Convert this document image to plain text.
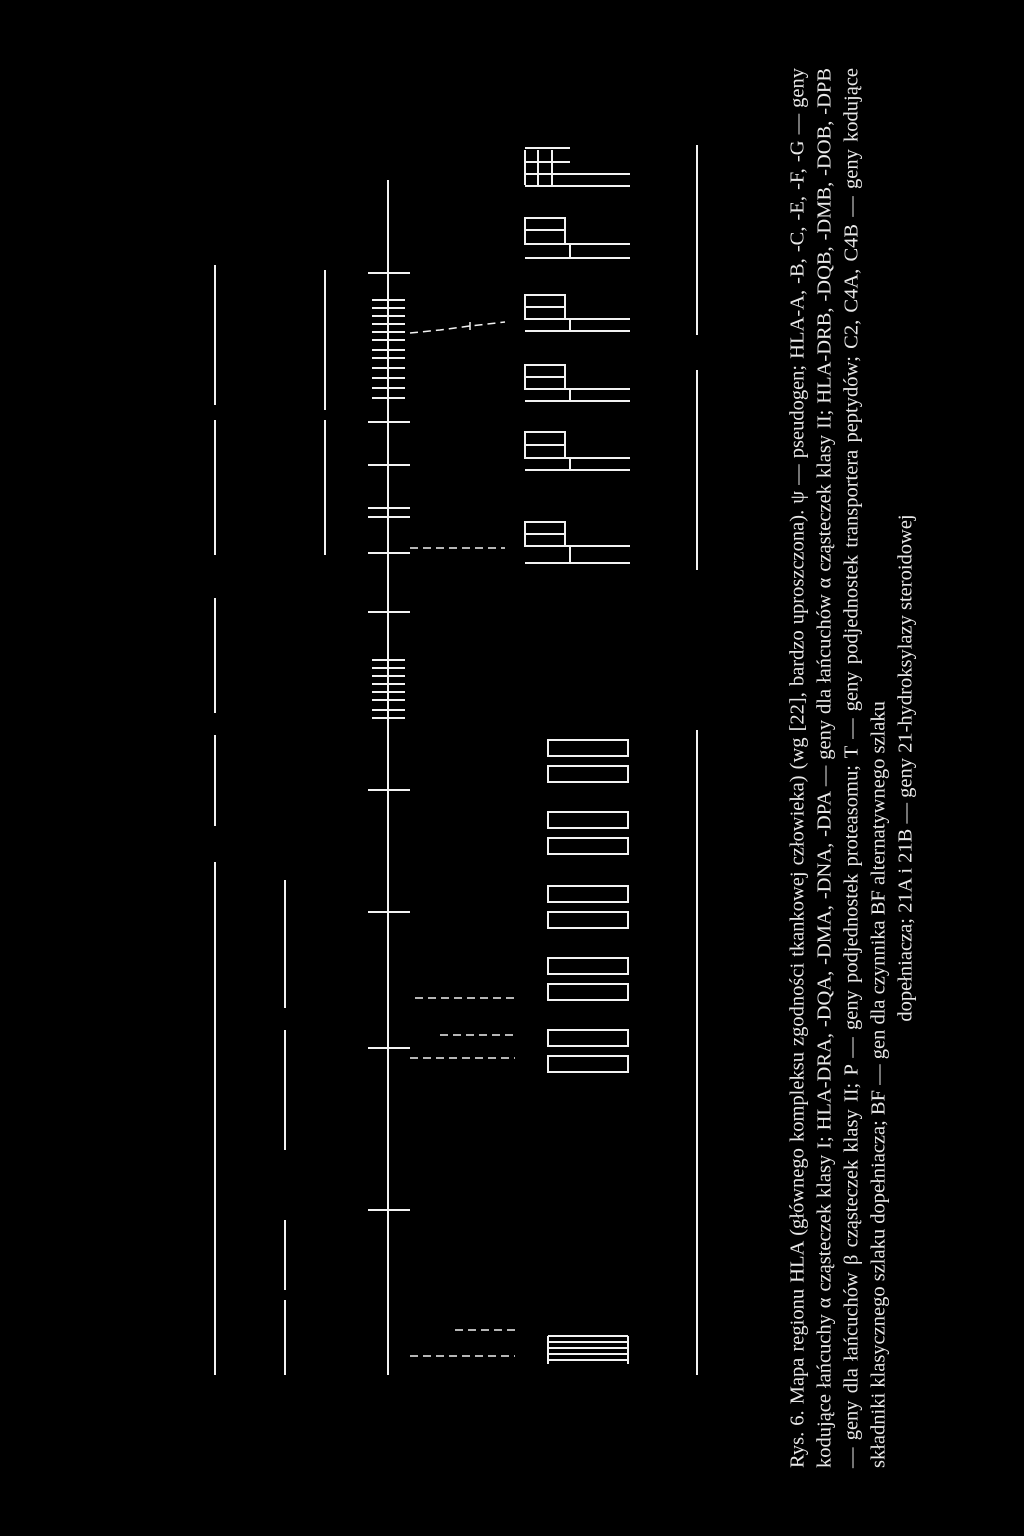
Rys. 6. Mapa regionu HLA (głównego kompleksu zgodności tkankowej człowieka) (wg [22], bardzo uproszczona). ψ — pseudogen; HLA-A, -B, -C, -E, -F, -G — geny kodujące łańcuchy α cząsteczek klasy I; HLA-DRA, -DQA, -DMA, -DNA, -DPA — geny dla łańcuchów α cząsteczek klasy II; HLA-DRB, -DQB, -DMB, -DOB, -DPB — geny dla łańcuchów β cząsteczek klasy II; P — geny podjednostek proteasomu; T — geny podjednostek transportera peptydów; C2, C4A, C4B — geny kodujące składniki klasycznego szlaku dopełniacza; BF — gen dla czynnika BF alternatywnego szlaku dopełniacza; 21A i 21B — geny 21-hydroksylazy steroidowej
